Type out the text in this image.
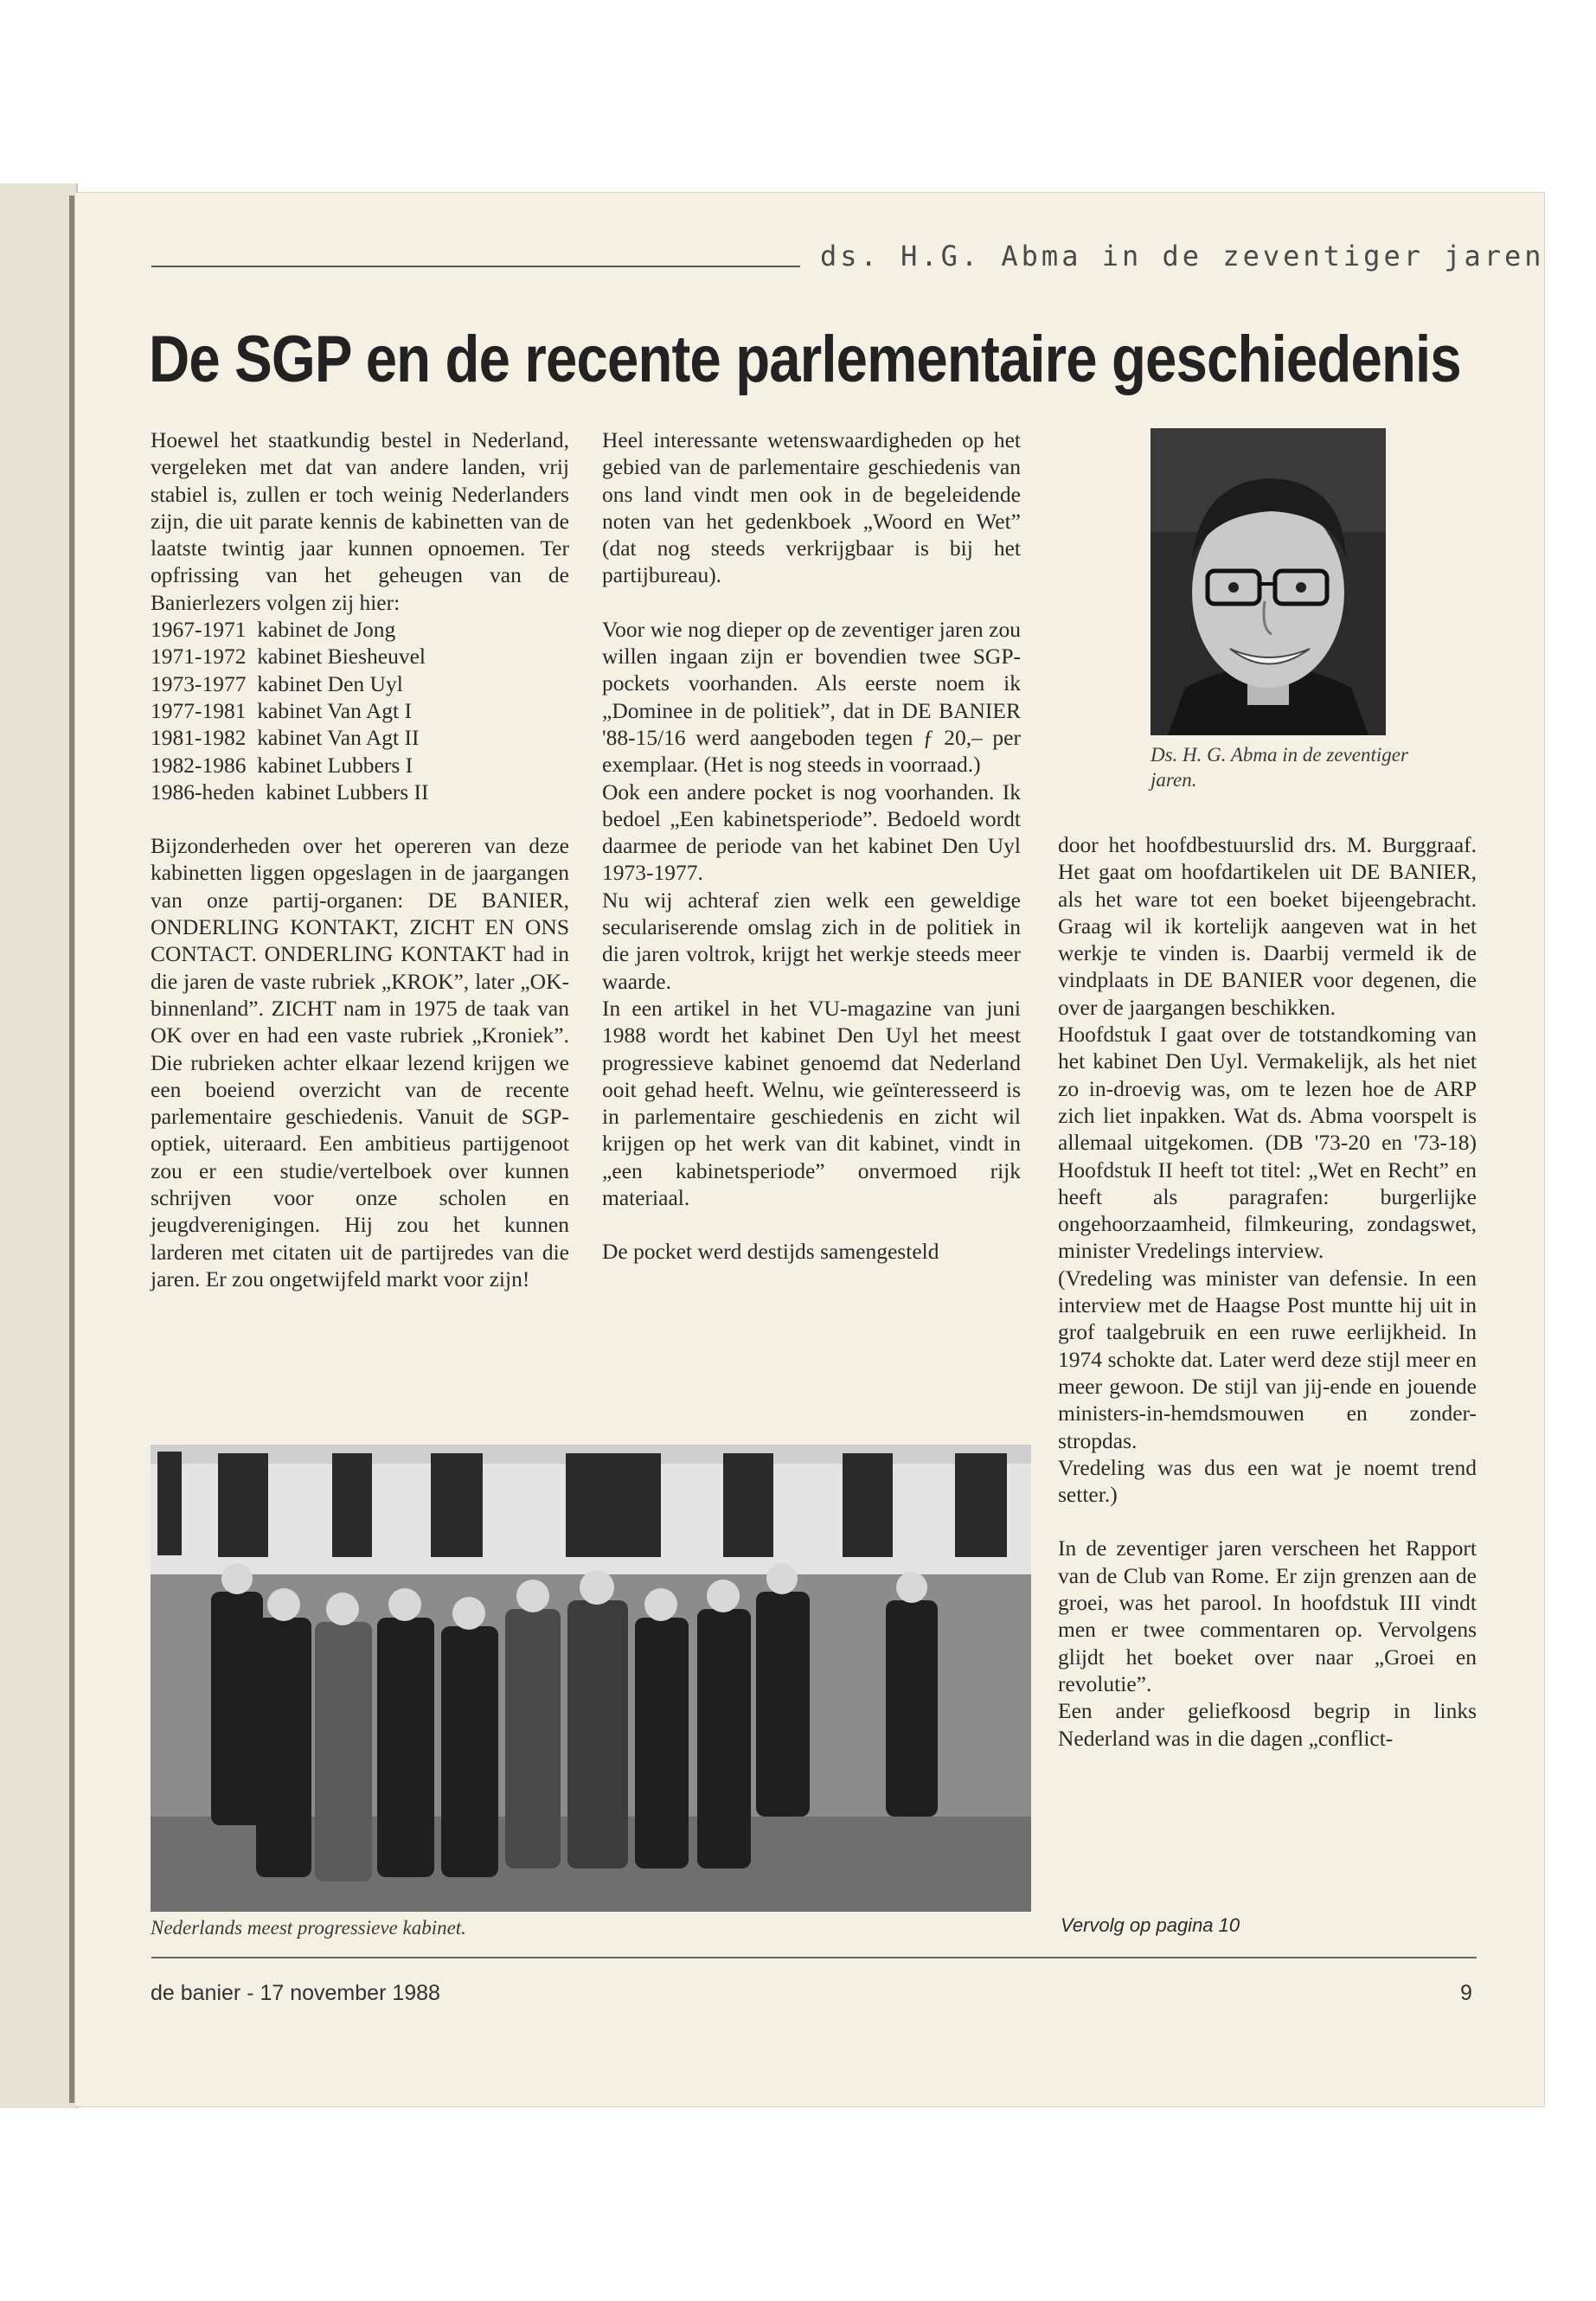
ds. H.G. Abma in de zeventiger jaren
De SGP en de recente parlementaire geschiedenis

Hoewel het staatkundig bestel in Nederland, vergeleken met dat van andere landen, vrij stabiel is, zullen er toch weinig Nederlanders zijn, die uit parate kennis de kabinetten van de laatste twintig jaar kunnen opnoemen. Ter opfrissing van het geheugen van de Banierlezers volgen zij hier:

1967-1971 kabinet de Jong
1971-1972 kabinet Biesheuvel
1973-1977 kabinet Den Uyl
1977-1981 kabinet Van Agt I
1981-1982 kabinet Van Agt II
1982-1986 kabinet Lubbers I
1986-heden kabinet Lubbers II

Bijzonderheden over het opereren van deze kabinetten liggen opgeslagen in de jaargangen van onze partij-organen: DE BANIER, ONDERLING KONTAKT, ZICHT EN ONS CONTACT. ONDERLING KONTAKT had in die jaren de vaste rubriek „KROK”, later „OK-binnenland”. ZICHT nam in 1975 de taak van OK over en had een vaste rubriek „Kroniek”. Die rubrieken achter elkaar lezend krijgen we een boeiend overzicht van de recente parlementaire geschiedenis. Vanuit de SGP-optiek, uiteraard. Een ambitieus partijgenoot zou er een studie/vertelboek over kunnen schrijven voor onze scholen en jeugdverenigingen. Hij zou het kunnen larderen met citaten uit de partijredes van die jaren. Er zou ongetwijfeld markt voor zijn!

Heel interessante wetenswaardigheden op het gebied van de parlementaire geschiedenis van ons land vindt men ook in de begeleidende noten van het gedenkboek „Woord en Wet” (dat nog steeds verkrijgbaar is bij het partijbureau).

Voor wie nog dieper op de zeventiger jaren zou willen ingaan zijn er bovendien twee SGP-pockets voorhanden. Als eerste noem ik „Dominee in de politiek”, dat in DE BANIER '88-15/16 werd aangeboden tegen ƒ 20,– per exemplaar. (Het is nog steeds in voorraad.)

Ook een andere pocket is nog voorhanden. Ik bedoel „Een kabinetsperiode”. Bedoeld wordt daarmee de periode van het kabinet Den Uyl 1973-1977.

Nu wij achteraf zien welk een geweldige seculariserende omslag zich in de politiek in die jaren voltrok, krijgt het werkje steeds meer waarde.

In een artikel in het VU-magazine van juni 1988 wordt het kabinet Den Uyl het meest progressieve kabinet genoemd dat Nederland ooit gehad heeft. Welnu, wie geïnteresseerd is in parlementaire geschiedenis en zicht wil krijgen op het werk van dit kabinet, vindt in „een kabinetsperiode” onvermoed rijk materiaal.

De pocket werd destijds samengesteld

Ds. H. G. Abma in de zeventiger jaren.

door het hoofdbestuurslid drs. M. Burggraaf. Het gaat om hoofdartikelen uit DE BANIER, als het ware tot een boeket bijeengebracht. Graag wil ik kortelijk aangeven wat in het werkje te vinden is. Daarbij vermeld ik de vindplaats in DE BANIER voor degenen, die over de jaargangen beschikken.

Hoofdstuk I gaat over de totstandkoming van het kabinet Den Uyl. Vermakelijk, als het niet zo in-droevig was, om te lezen hoe de ARP zich liet inpakken. Wat ds. Abma voorspelt is allemaal uitgekomen. (DB '73-20 en '73-18) Hoofdstuk II heeft tot titel: „Wet en Recht” en heeft als paragrafen: burgerlijke ongehoorzaamheid, filmkeuring, zondagswet, minister Vredelings interview.

(Vredeling was minister van defensie. In een interview met de Haagse Post muntte hij uit in grof taalgebruik en een ruwe eerlijkheid. In 1974 schokte dat. Later werd deze stijl meer en meer gewoon. De stijl van jij-ende en jouende ministers-in-hemdsmouwen en zonder-stropdas.

Vredeling was dus een wat je noemt trend setter.)

In de zeventiger jaren verscheen het Rapport van de Club van Rome. Er zijn grenzen aan de groei, was het parool. In hoofdstuk III vindt men er twee commentaren op. Vervolgens glijdt het boeket over naar „Groei en revolutie”.

Een ander geliefkoosd begrip in links Nederland was in die dagen „conflict-

Nederlands meest progressieve kabinet.	Vervolg op pagina 10
de banier - 17 november 1988	9
